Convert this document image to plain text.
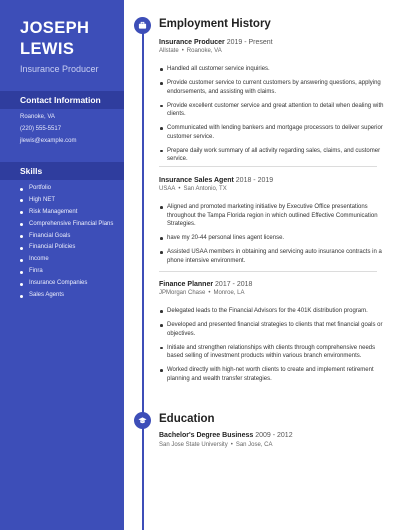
JOSEPH
LEWIS
Insurance Producer
Contact Information
Roanoke, VA
(220) 555-5517
jlewis@example.com
Skills
Portfolio
High NET
Risk Management
Comprehensive Financial Plans
Financial Goals
Financial Policies
Income
Finra
Insurance Companies
Sales Agents
Employment History
Insurance Producer 2019 - Present
Allstate • Roanoke, VA
Handled all customer service inquiries.
Provide customer service to current customers by answering questions, applying endorsements, and assisting with claims.
Provide excellent customer service and great attention to detail when dealing with clients.
Communicated with lending bankers and mortgage processors to deliver superior customer service.
Prepare daily work summary of all activity regarding sales, claims, and customer service.
Insurance Sales Agent 2018 - 2019
USAA • San Antonio, TX
Aligned and promoted marketing initiative by Executive Office presentations throughout the Tampa Florida region in which outlined Effective Communication Strategies.
have my 20-44 personal lines agent license.
Assisted USAA members in obtaining and servicing auto insurance contracts in a phone intensive environment.
Finance Planner 2017 - 2018
JPMorgan Chase • Monroe, LA
Delegated leads to the Financial Advisors for the 401K distribution program.
Developed and presented financial strategies to clients that met financial goals or objectives.
Initiate and strengthen relationships with clients through comprehensive needs based selling of investment products within various branch environments.
Worked directly with high-net worth clients to create and implement retirement planning and wealth transfer strategies.
Education
Bachelor's Degree Business 2009 - 2012
San Jose State University • San Jose, CA
